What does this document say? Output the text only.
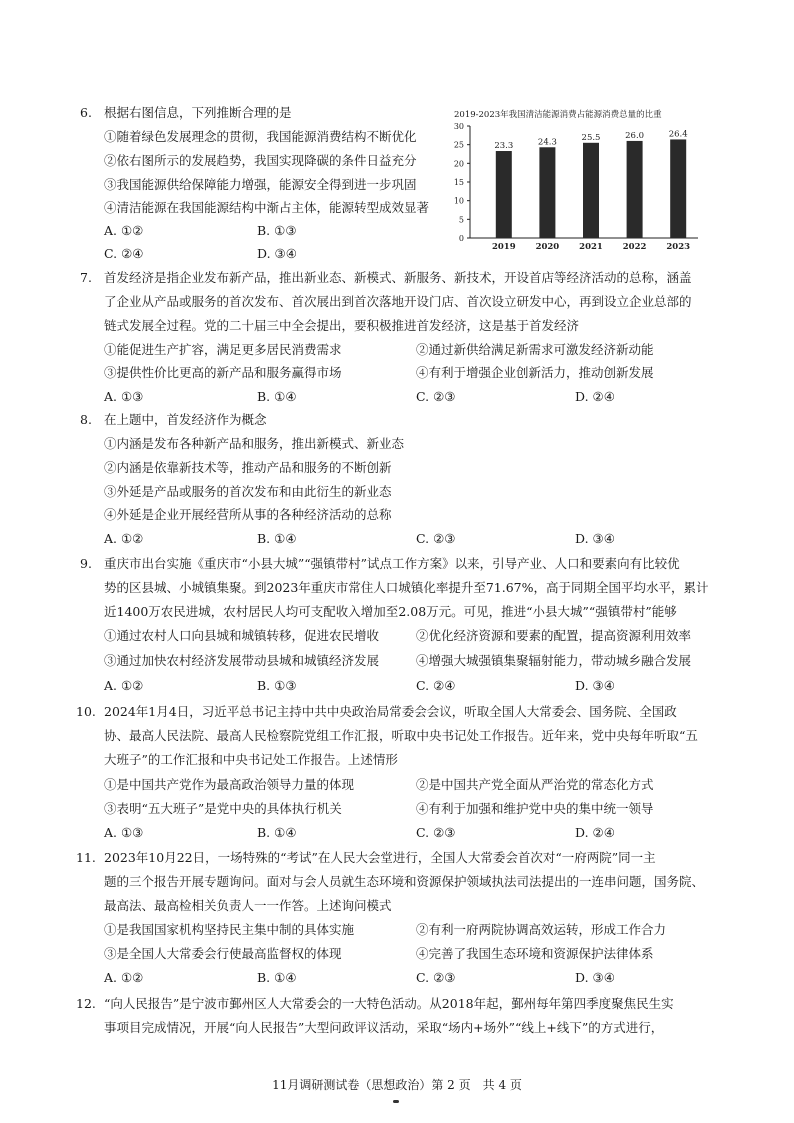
6. 根据右图信息，下列推断合理的是
①随着绿色发展理念的贯彻，我国能源消费结构不断优化
②依右图所示的发展趋势，我国实现降碳的条件日益充分
③我国能源供给保障能力增强，能源安全得到进一步巩固
④清洁能源在我国能源结构中渐占主体，能源转型成效显著
A. ①②	B. ①③
C. ②④	D. ③④
2019-2023年我国清洁能源消费占能源消费总量的比重
0
5
10
15
20
25
30
23.3
2019
24.3
2020
25.5
2021
26.0
2022
26.4
2023
7. 首发经济是指企业发布新产品，推出新业态、新模式、新服务、新技术，开设首店等经济活动的总称，涵盖
了企业从产品或服务的首次发布、首次展出到首次落地开设门店、首次设立研发中心，再到设立企业总部的
链式发展全过程。党的二十届三中全会提出，要积极推进首发经济，这是基于首发经济
①能促进生产扩容，满足更多居民消费需求	②通过新供给满足新需求可激发经济新动能
③提供性价比更高的新产品和服务赢得市场	④有利于增强企业创新活力，推动创新发展
A. ①③	B. ①④	C. ②③	D. ②④
8. 在上题中，首发经济作为概念
①内涵是发布各种新产品和服务，推出新模式、新业态
②内涵是依靠新技术等，推动产品和服务的不断创新
③外延是产品或服务的首次发布和由此衍生的新业态
④外延是企业开展经营所从事的各种经济活动的总称
A. ①②	B. ①④	C. ②③	D. ③④
9. 重庆市出台实施《重庆市“小县大城”“强镇带村”试点工作方案》以来，引导产业、人口和要素向有比较优
势的区县城、小城镇集聚。到2023年重庆市常住人口城镇化率提升至71.67%，高于同期全国平均水平，累计
近1400万农民进城，农村居民人均可支配收入增加至2.08万元。可见，推进“小县大城”“强镇带村”能够
①通过农村人口向县城和城镇转移，促进农民增收	②优化经济资源和要素的配置，提高资源利用效率
③通过加快农村经济发展带动县城和城镇经济发展	④增强大城强镇集聚辐射能力，带动城乡融合发展
A. ①②	B. ①③	C. ②④	D. ③④
10. 2024年1月4日，习近平总书记主持中共中央政治局常委会会议，听取全国人大常委会、国务院、全国政
协、最高人民法院、最高人民检察院党组工作汇报，听取中央书记处工作报告。近年来，党中央每年听取“五
大班子”的工作汇报和中央书记处工作报告。上述情形
①是中国共产党作为最高政治领导力量的体现	②是中国共产党全面从严治党的常态化方式
③表明“五大班子”是党中央的具体执行机关	④有利于加强和维护党中央的集中统一领导
A. ①③	B. ①④	C. ②③	D. ②④
11. 2023年10月22日，一场特殊的“考试”在人民大会堂进行，全国人大常委会首次对“一府两院”同一主
题的三个报告开展专题询问。面对与会人员就生态环境和资源保护领域执法司法提出的一连串问题，国务院、
最高法、最高检相关负责人一一作答。上述询问模式
①是我国国家机构坚持民主集中制的具体实施	②有利一府两院协调高效运转，形成工作合力
③是全国人大常委会行使最高监督权的体现	④完善了我国生态环境和资源保护法律体系
A. ①②	B. ①④	C. ②③	D. ③④
12. “向人民报告”是宁波市鄞州区人大常委会的一大特色活动。从2018年起，鄞州每年第四季度聚焦民生实
事项目完成情况，开展“向人民报告”大型问政评议活动，采取“场内+场外”“线上+线下”的方式进行，
11月调研测试卷（思想政治）第 2 页　共 4 页
